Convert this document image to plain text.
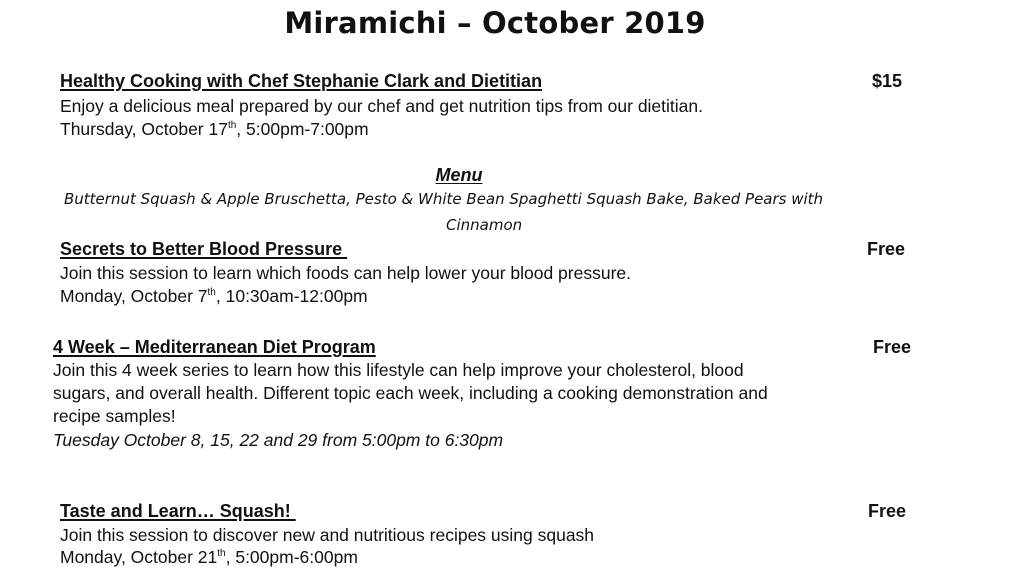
Miramichi – October 2019
Healthy Cooking with Chef Stephanie Clark and Dietitian	$15
Enjoy a delicious meal prepared by our chef and get nutrition tips from our dietitian.
Thursday, October 17th, 5:00pm-7:00pm
Menu
Butternut Squash & Apple Bruschetta, Pesto & White Bean Spaghetti Squash Bake, Baked Pears with
Cinnamon
Secrets to Better Blood Pressure	Free
Join this session to learn which foods can help lower your blood pressure.
Monday, October 7th, 10:30am-12:00pm
4 Week – Mediterranean Diet Program	Free
Join this 4 week series to learn how this lifestyle can help improve your cholesterol, blood
sugars, and overall health. Different topic each week, including a cooking demonstration and
recipe samples!
Tuesday October 8, 15, 22 and 29 from 5:00pm to 6:30pm
Taste and Learn… Squash!	Free
Join this session to discover new and nutritious recipes using squash
Monday, October 21th, 5:00pm-6:00pm
